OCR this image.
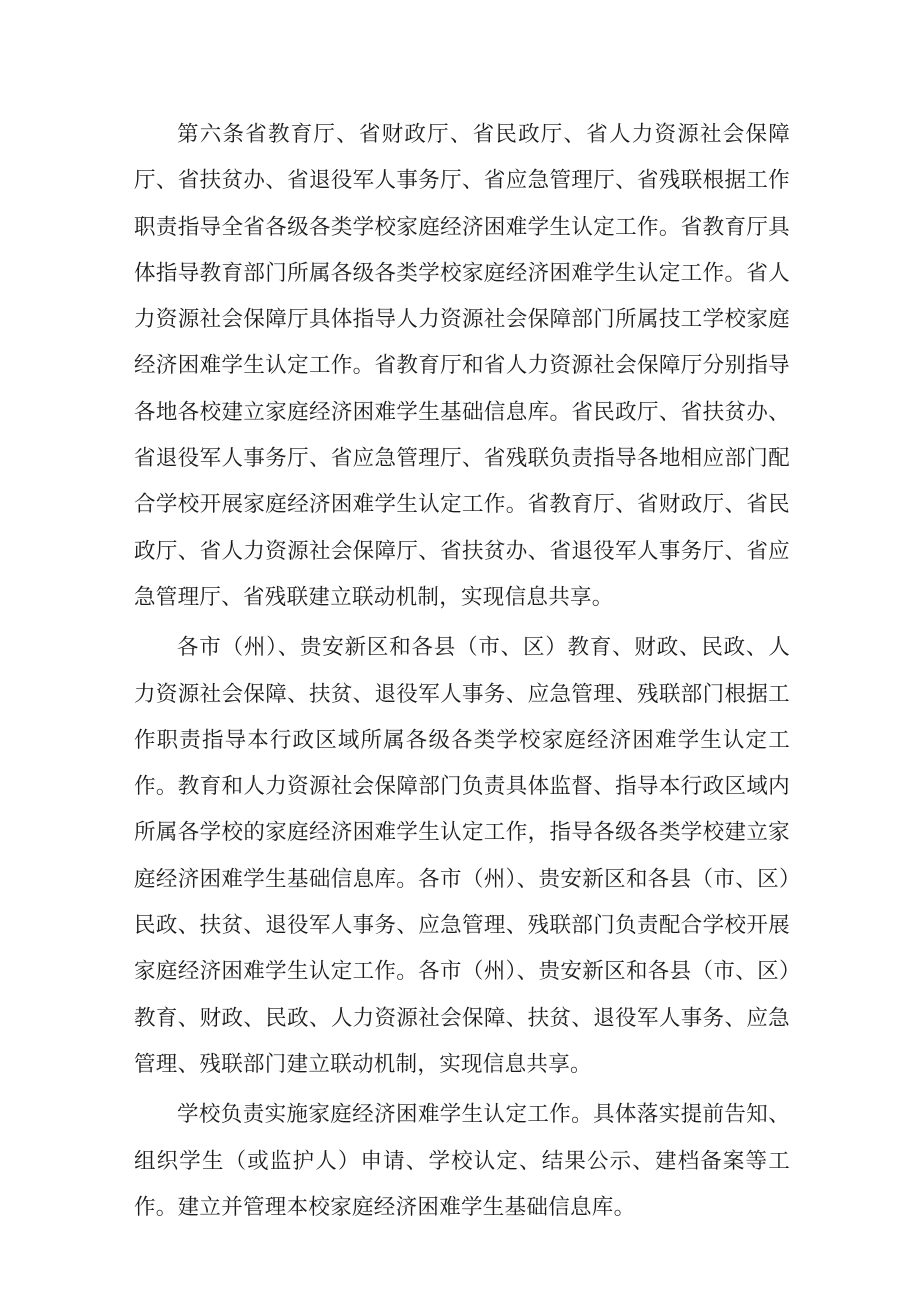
第六条省教育厅、省财政厅、省民政厅、省人力资源社会保障厅、省扶贫办、省退役军人事务厅、省应急管理厅、省残联根据工作职责指导全省各级各类学校家庭经济困难学生认定工作。省教育厅具体指导教育部门所属各级各类学校家庭经济困难学生认定工作。省人力资源社会保障厅具体指导人力资源社会保障部门所属技工学校家庭经济困难学生认定工作。省教育厅和省人力资源社会保障厅分别指导各地各校建立家庭经济困难学生基础信息库。省民政厅、省扶贫办、省退役军人事务厅、省应急管理厅、省残联负责指导各地相应部门配合学校开展家庭经济困难学生认定工作。省教育厅、省财政厅、省民政厅、省人力资源社会保障厅、省扶贫办、省退役军人事务厅、省应急管理厅、省残联建立联动机制，实现信息共享。

各市（州）、贵安新区和各县（市、区）教育、财政、民政、人力资源社会保障、扶贫、退役军人事务、应急管理、残联部门根据工作职责指导本行政区域所属各级各类学校家庭经济困难学生认定工作。教育和人力资源社会保障部门负责具体监督、指导本行政区域内所属各学校的家庭经济困难学生认定工作，指导各级各类学校建立家庭经济困难学生基础信息库。各市（州）、贵安新区和各县（市、区）民政、扶贫、退役军人事务、应急管理、残联部门负责配合学校开展家庭经济困难学生认定工作。各市（州）、贵安新区和各县（市、区）教育、财政、民政、人力资源社会保障、扶贫、退役军人事务、应急管理、残联部门建立联动机制，实现信息共享。

学校负责实施家庭经济困难学生认定工作。具体落实提前告知、组织学生（或监护人）申请、学校认定、结果公示、建档备案等工作。建立并管理本校家庭经济困难学生基础信息库。
